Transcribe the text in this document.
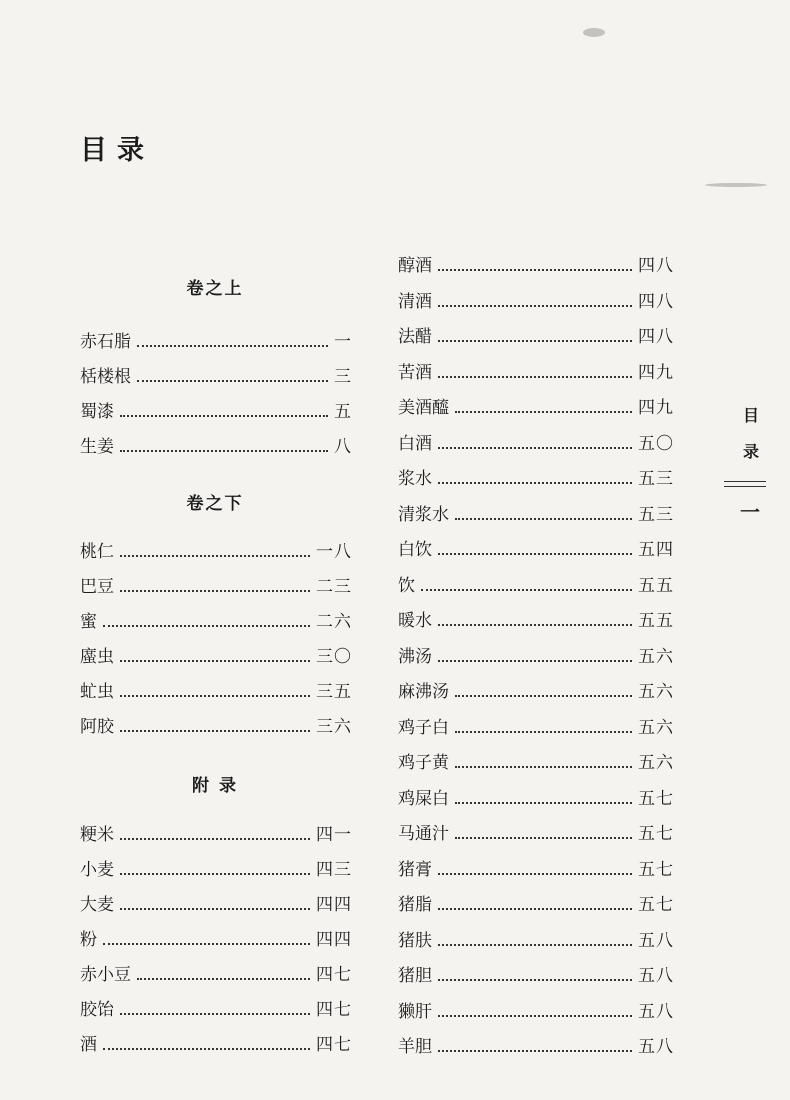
目录
卷之上
赤石脂	一
栝楼根	三
蜀漆	五
生姜	八
卷之下
桃仁	一八
巴豆	二三
蜜	二六
䗪虫	三〇
虻虫	三五
阿胶	三六
附 录
粳米	四一
小麦	四三
大麦	四四
粉	四四
赤小豆	四七
胶饴	四七
酒	四七
醇酒	四八
清酒	四八
法醋	四八
苦酒	四九
美酒醯	四九
白酒	五〇
浆水	五三
清浆水	五三
白饮	五四
饮	五五
暖水	五五
沸汤	五六
麻沸汤	五六
鸡子白	五六
鸡子黄	五六
鸡屎白	五七
马通汁	五七
猪膏	五七
猪脂	五七
猪肤	五八
猪胆	五八
獭肝	五八
羊胆	五八
目
录
一
